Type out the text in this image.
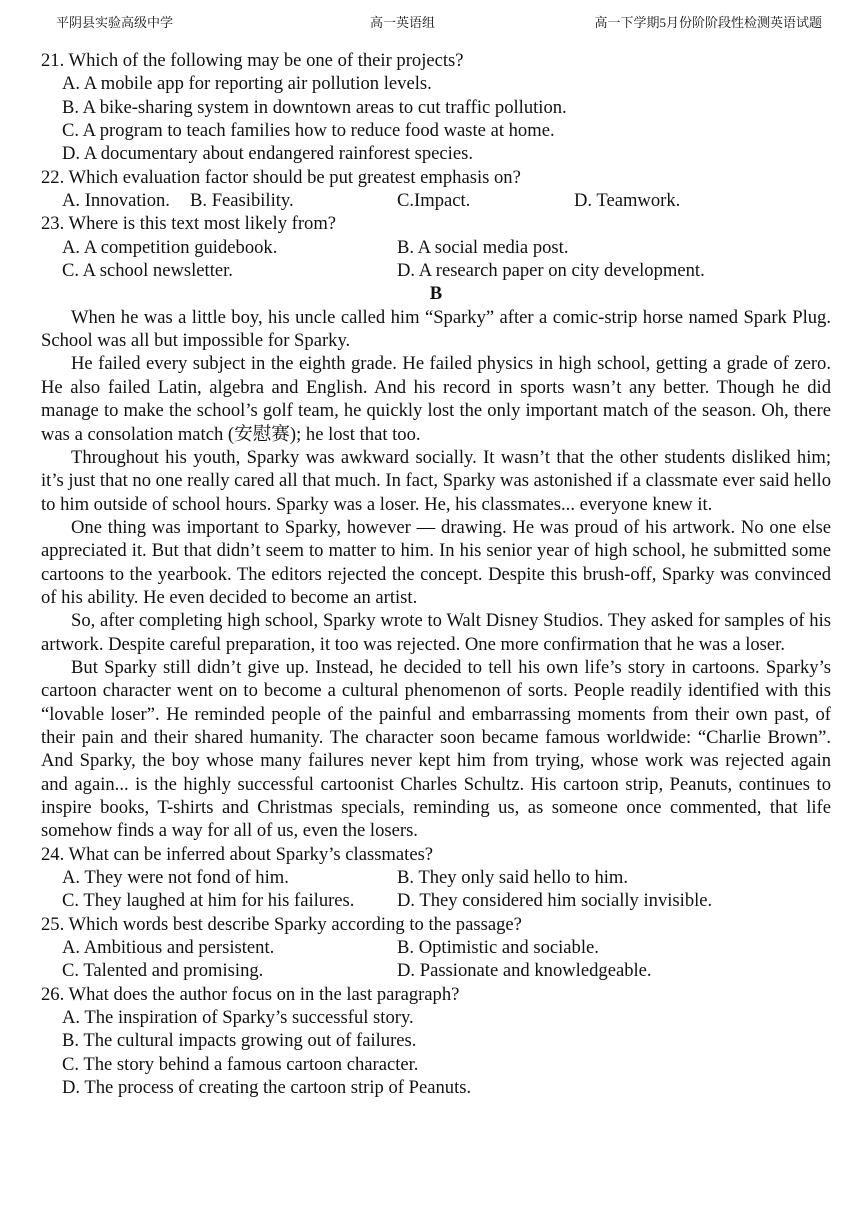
平阴县实验高级中学	高一英语组	高一下学期5月份阶阶段性检测英语试题
21. Which of the following may be one of their projects?
A. A mobile app for reporting air pollution levels.
B. A bike-sharing system in downtown areas to cut traffic pollution.
C. A program to teach families how to reduce food waste at home.
D. A documentary about endangered rainforest species.
22. Which evaluation factor should be put greatest emphasis on?
A. Innovation. B. Feasibility.	C.Impact.	D. Teamwork.
23. Where is this text most likely from?
A. A competition guidebook.	B. A social media post.
C. A school newsletter.	D. A research paper on city development.
B

When he was a little boy, his uncle called him “Sparky” after a comic-strip horse named Spark Plug. School was all but impossible for Sparky.

He failed every subject in the eighth grade. He failed physics in high school, getting a grade of zero. He also failed Latin, algebra and English. And his record in sports wasn’t any better. Though he did manage to make the school’s golf team, he quickly lost the only important match of the season. Oh, there was a consolation match (安慰赛); he lost that too.

Throughout his youth, Sparky was awkward socially. It wasn’t that the other students disliked him; it’s just that no one really cared all that much. In fact, Sparky was astonished if a classmate ever said hello to him outside of school hours. Sparky was a loser. He, his classmates... everyone knew it.

One thing was important to Sparky, however — drawing. He was proud of his artwork. No one else appreciated it. But that didn’t seem to matter to him. In his senior year of high school, he submitted some cartoons to the yearbook. The editors rejected the concept. Despite this brush-off, Sparky was convinced of his ability. He even decided to become an artist.

So, after completing high school, Sparky wrote to Walt Disney Studios. They asked for samples of his artwork. Despite careful preparation, it too was rejected. One more confirmation that he was a loser.

But Sparky still didn’t give up. Instead, he decided to tell his own life’s story in cartoons. Sparky’s cartoon character went on to become a cultural phenomenon of sorts. People readily identified with this “lovable loser”. He reminded people of the painful and embarrassing moments from their own past, of their pain and their shared humanity. The character soon became famous worldwide: “Charlie Brown”. And Sparky, the boy whose many failures never kept him from trying, whose work was rejected again and again... is the highly successful cartoonist Charles Schultz. His cartoon strip, Peanuts, continues to inspire books, T-shirts and Christmas specials, reminding us, as someone once commented, that life somehow finds a way for all of us, even the losers.

24. What can be inferred about Sparky’s classmates?
A. They were not fond of him.	B. They only said hello to him.
C. They laughed at him for his failures. D. They considered him socially invisible.
25. Which words best describe Sparky according to the passage?
A. Ambitious and persistent.	B. Optimistic and sociable.
C. Talented and promising.	D. Passionate and knowledgeable.
26. What does the author focus on in the last paragraph?
A. The inspiration of Sparky’s successful story.
B. The cultural impacts growing out of failures.
C. The story behind a famous cartoon character.
D. The process of creating the cartoon strip of Peanuts.
